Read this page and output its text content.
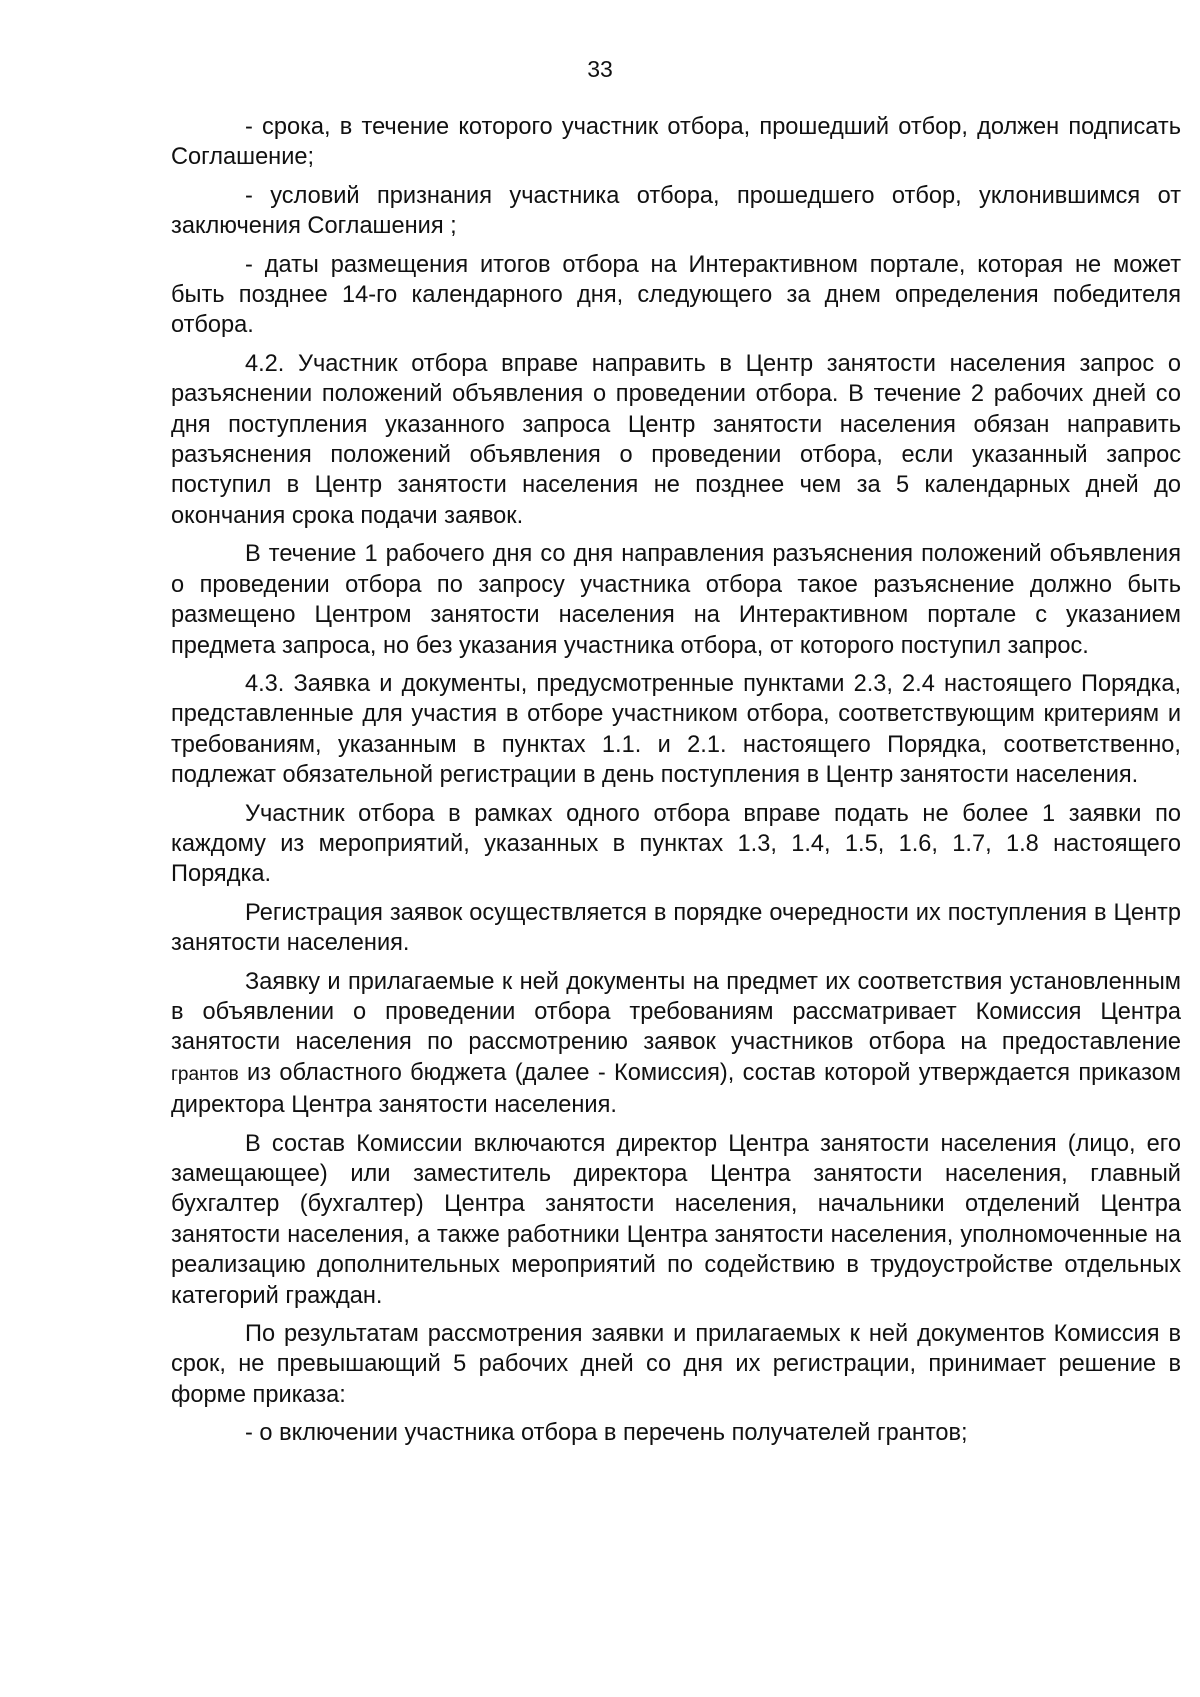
33

- срока, в течение которого участник отбора, прошедший отбор, должен подписать Соглашение;

- условий признания участника отбора, прошедшего отбор, уклонившимся от заключения Соглашения ;

- даты размещения итогов отбора на Интерактивном портале, которая не может быть позднее 14-го календарного дня, следующего за днем определения победителя отбора.

4.2. Участник отбора вправе направить в Центр занятости населения запрос о разъяснении положений объявления о проведении отбора. В течение 2 рабочих дней со дня поступления указанного запроса Центр занятости населения обязан направить разъяснения положений объявления о проведении отбора, если указанный запрос поступил в Центр занятости населения не позднее чем за 5 календарных дней до окончания срока подачи заявок.

В течение 1 рабочего дня со дня направления разъяснения положений объявления о проведении отбора по запросу участника отбора такое разъяснение должно быть размещено Центром занятости населения на Интерактивном портале с указанием предмета запроса, но без указания участника отбора, от которого поступил запрос.

4.3. Заявка и документы, предусмотренные пунктами 2.3, 2.4 настоящего Порядка, представленные для участия в отборе участником отбора, соответствующим критериям и требованиям, указанным в пунктах 1.1. и 2.1. настоящего Порядка, соответственно, подлежат обязательной регистрации в день поступления в Центр занятости населения.

Участник отбора в рамках одного отбора вправе подать не более 1 заявки по каждому из мероприятий, указанных в пунктах 1.3, 1.4, 1.5, 1.6, 1.7, 1.8 настоящего Порядка.

Регистрация заявок осуществляется в порядке очередности их поступления в Центр занятости населения.

Заявку и прилагаемые к ней документы на предмет их соответствия установленным в объявлении о проведении отбора требованиям рассматривает Комиссия Центра занятости населения по рассмотрению заявок участников отбора на предоставление грантов из областного бюджета (далее - Комиссия), состав которой утверждается приказом директора Центра занятости населения.

В состав Комиссии включаются директор Центра занятости населения (лицо, его замещающее) или заместитель директора Центра занятости населения, главный бухгалтер (бухгалтер) Центра занятости населения, начальники отделений Центра занятости населения, а также работники Центра занятости населения, уполномоченные на реализацию дополнительных мероприятий по содействию в трудоустройстве отдельных категорий граждан.

По результатам рассмотрения заявки и прилагаемых к ней документов Комиссия в срок, не превышающий 5 рабочих дней со дня их регистрации, принимает решение в форме приказа:

- о включении участника отбора в перечень получателей грантов;
